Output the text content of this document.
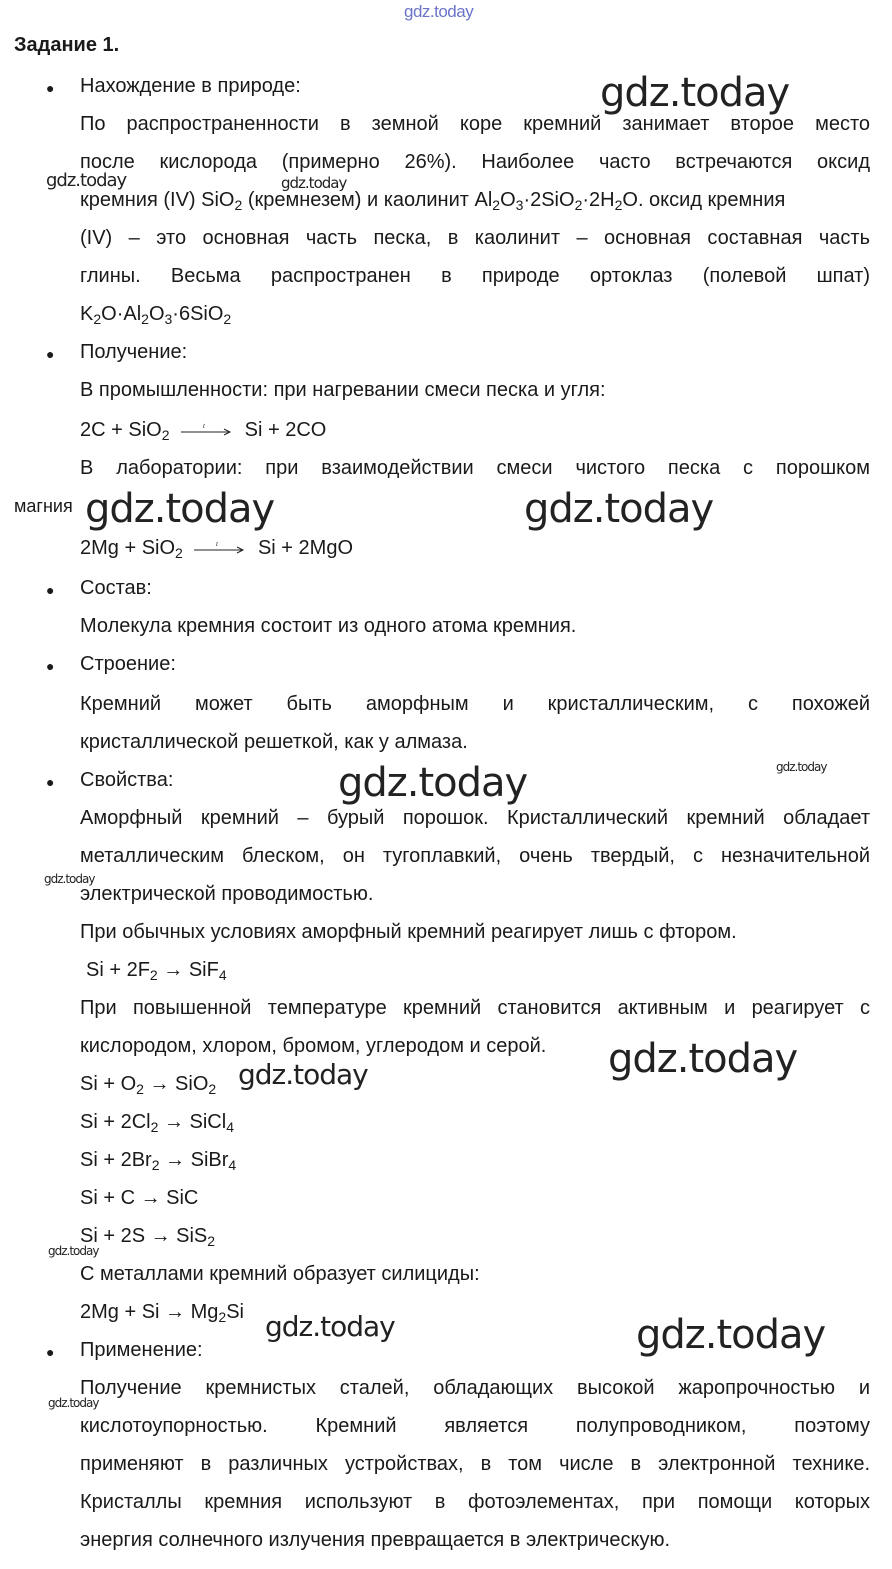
gdz.today
gdz.today
gdz.today	gdz.today
gdz.today	gdz.today
gdz.today	gdz.today
gdz.today
gdz.today
gdz.today
gdz.today
gdz.today	gdz.today
gdz.today
Задание 1.
● Нахождение в природе:
По распространенности в земной коре кремний занимает второе место
после кислорода (примерно 26%). Наиболее часто встречаются оксид
кремния (IV) SiO$_2$ (кремнезем) и каолинит $Al_2O_3\cdot 2SiO_2\cdot 2H_2O$. оксид кремния
(IV) – это основная часть песка, в каолинит – основная составная часть
глины. Весьма распространен в природе ортоклаз (полевой шпат)
$K_2O\cdot Al_2O_3\cdot 6SiO_2$
● Получение:
В промышленности: при нагревании смеси песка и угля:
2C + SiO$_2$
t Si + 2CO
В лаборатории: при взаимодействии смеси чистого песка с порошком
магния
2Mg + SiO$_2$
t Si + 2MgO
● Состав:
Молекула кремния состоит из одного атома кремния.
● Строение:
Кремний может быть аморфным и кристаллическим, с похожей
кристаллической решеткой, как у алмаза.
● Свойства:
Аморфный кремний – бурый порошок. Кристаллический кремний обладает
металлическим блеском, он тугоплавкий, очень твердый, с незначительной
электрической проводимостью.
При обычных условиях аморфный кремний реагирует лишь с фтором.
$Si + 2F_2 \to SiF_4$
При повышенной температуре кремний становится активным и реагирует с
кислородом, хлором, бромом, углеродом и серой.
$Si + O_2 \to SiO_2$
$Si + 2Cl_2$ → SiCl$_4$
$Si + 2Br_2$ → SiBr$_4$
Si + C → SiC
Si + 2S → SiS$_2$
С металлами кремний образует силициды:
$2Mg + Si \to Mg_2Si$
● Применение:
Получение кремнистых сталей, обладающих высокой жаропрочностью и
кислотоупорностью. Кремний является полупроводником, поэтому
применяют в различных устройствах, в том числе в электронной технике.
Кристаллы кремния используют в фотоэлементах, при помощи которых
энергия солнечного излучения превращается в электрическую.
